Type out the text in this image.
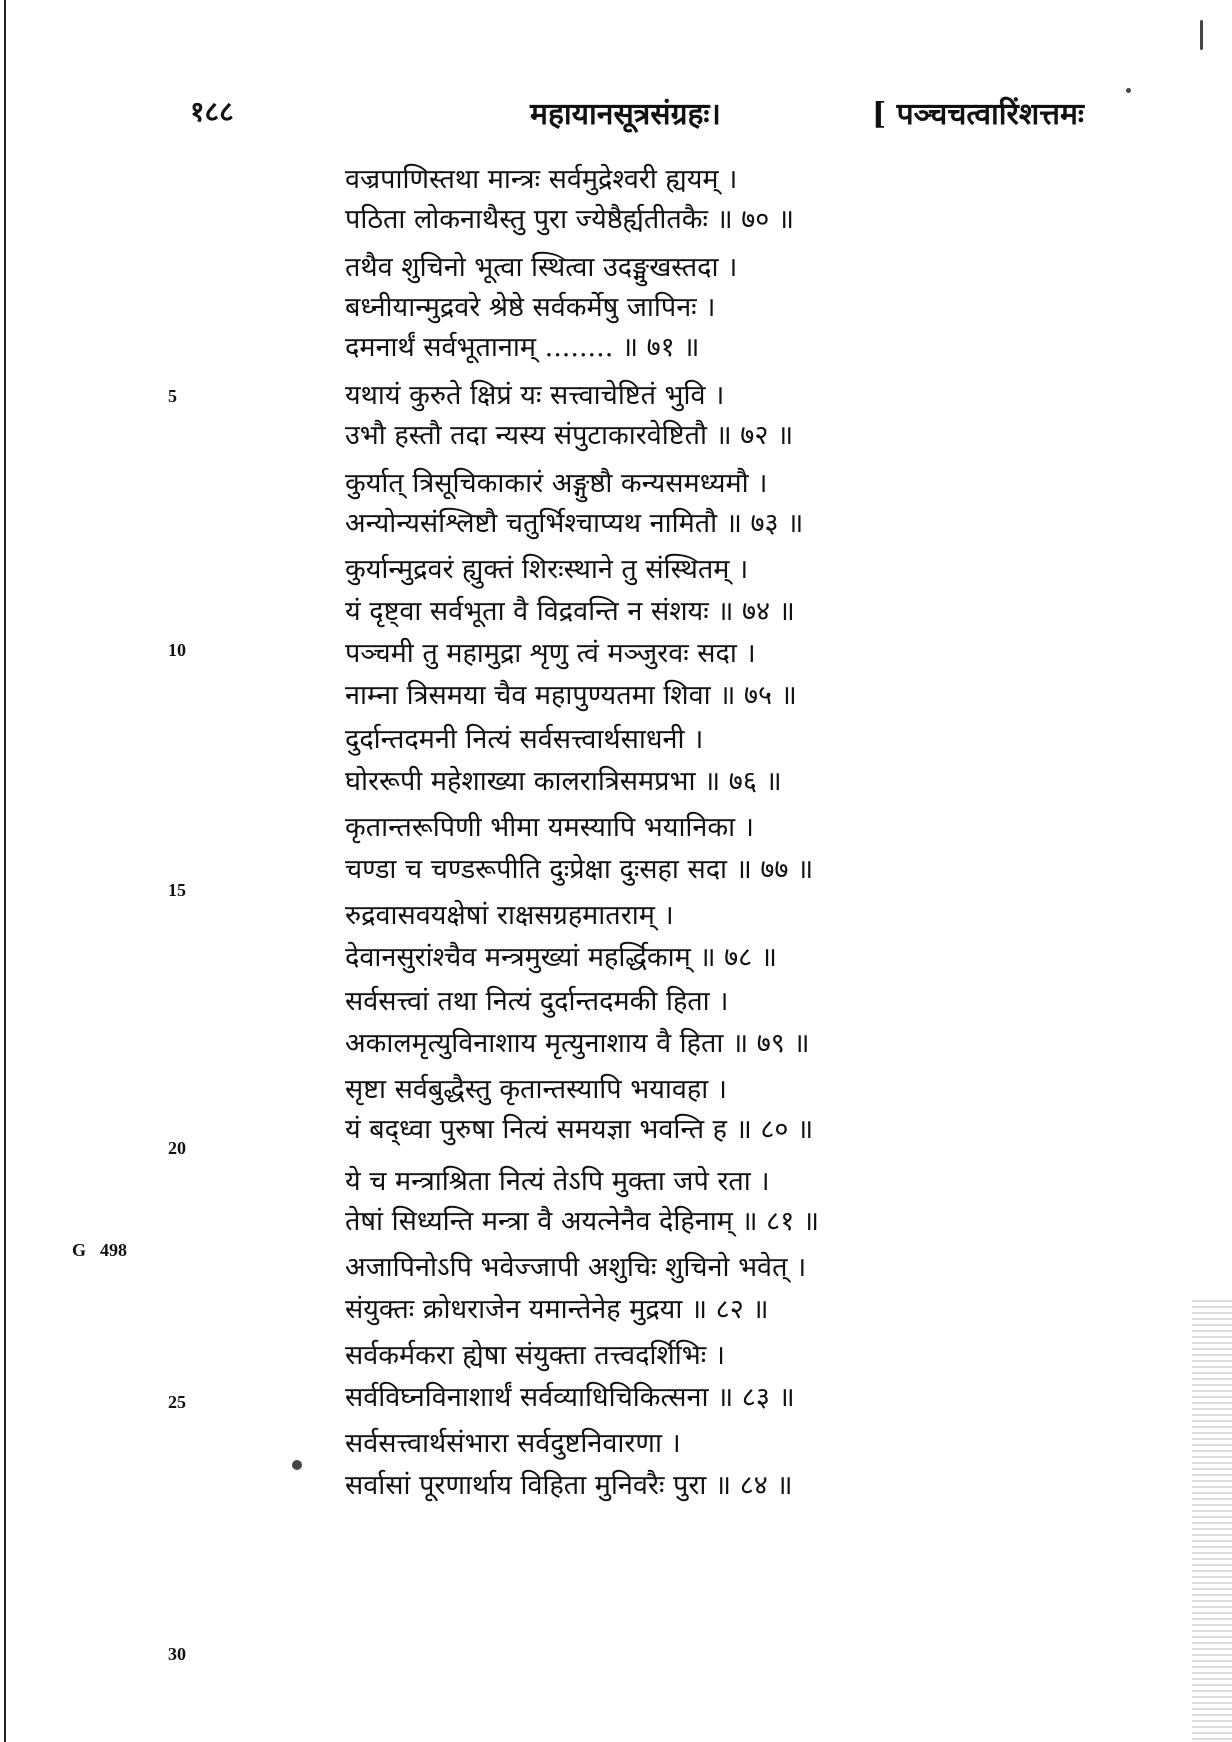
१८८	महायानसूत्रसंग्रहः।	[ पञ्चचत्वारिंशत्तमः
वज्रपाणिस्तथा मान्त्रः सर्वमुद्रेश्वरी ह्ययम् ।
पठिता लोकनाथैस्तु पुरा ज्येष्ठैर्ह्यतीतकैः ॥ ७० ॥
तथैव शुचिनो भूत्वा स्थित्वा उदङ्मुखस्तदा ।
बध्नीयान्मुद्रवरे श्रेष्ठे सर्वकर्मेषु जापिनः ।
दमनार्थं सर्वभूतानाम् ........ ॥ ७१ ॥
यथायं कुरुते क्षिप्रं यः सत्त्वाचेष्टितं भुवि ।
उभौ हस्तौ तदा न्यस्य संपुटाकारवेष्टितौ ॥ ७२ ॥
कुर्यात् त्रिसूचिकाकारं अङ्गुष्ठौ कन्यसमध्यमौ ।
अन्योन्यसंश्लिष्टौ चतुर्भिश्चाप्यथ नामितौ ॥ ७३ ॥
कुर्यान्मुद्रवरं ह्युक्तं शिरःस्थाने तु संस्थितम् ।
यं दृष्ट्वा सर्वभूता वै विद्रवन्ति न संशयः ॥ ७४ ॥
पञ्चमी तु महामुद्रा शृणु त्वं मञ्जुरवः सदा ।
नाम्ना त्रिसमया चैव महापुण्यतमा शिवा ॥ ७५ ॥
दुर्दान्तदमनी नित्यं सर्वसत्त्वार्थसाधनी ।
घोररूपी महेशाख्या कालरात्रिसमप्रभा ॥ ७६ ॥
कृतान्तरूपिणी भीमा यमस्यापि भयानिका ।
चण्डा च चण्डरूपीति दुःप्रेक्षा दुःसहा सदा ॥ ७७ ॥
रुद्रवासवयक्षेषां राक्षसग्रहमातराम् ।
देवानसुरांश्चैव मन्त्रमुख्यां महर्द्धिकाम् ॥ ७८ ॥
सर्वसत्त्वां तथा नित्यं दुर्दान्तदमकी हिता ।
अकालमृत्युविनाशाय मृत्युनाशाय वै हिता ॥ ७९ ॥
सृष्टा सर्वबुद्धैस्तु कृतान्तस्यापि भयावहा ।
यं बद्ध्वा पुरुषा नित्यं समयज्ञा भवन्ति ह ॥ ८० ॥
ये च मन्त्राश्रिता नित्यं तेऽपि मुक्ता जपे रता ।
तेषां सिध्यन्ति मन्त्रा वै अयत्नेनैव देहिनाम् ॥ ८१ ॥
अजापिनोऽपि भवेज्जापी अशुचिः शुचिनो भवेत् ।
संयुक्तः क्रोधराजेन यमान्तेनेह मुद्रया ॥ ८२ ॥
सर्वकर्मकरा ह्येषा संयुक्ता तत्त्वदर्शिभिः ।
सर्वविघ्नविनाशार्थं सर्वव्याधिचिकित्सना ॥ ८३ ॥
सर्वसत्त्वार्थसंभारा सर्वदुष्टनिवारणा ।
सर्वासां पूरणार्थाय विहिता मुनिवरैः पुरा ॥ ८४ ॥
5
10
15
20
25
30
G 498
